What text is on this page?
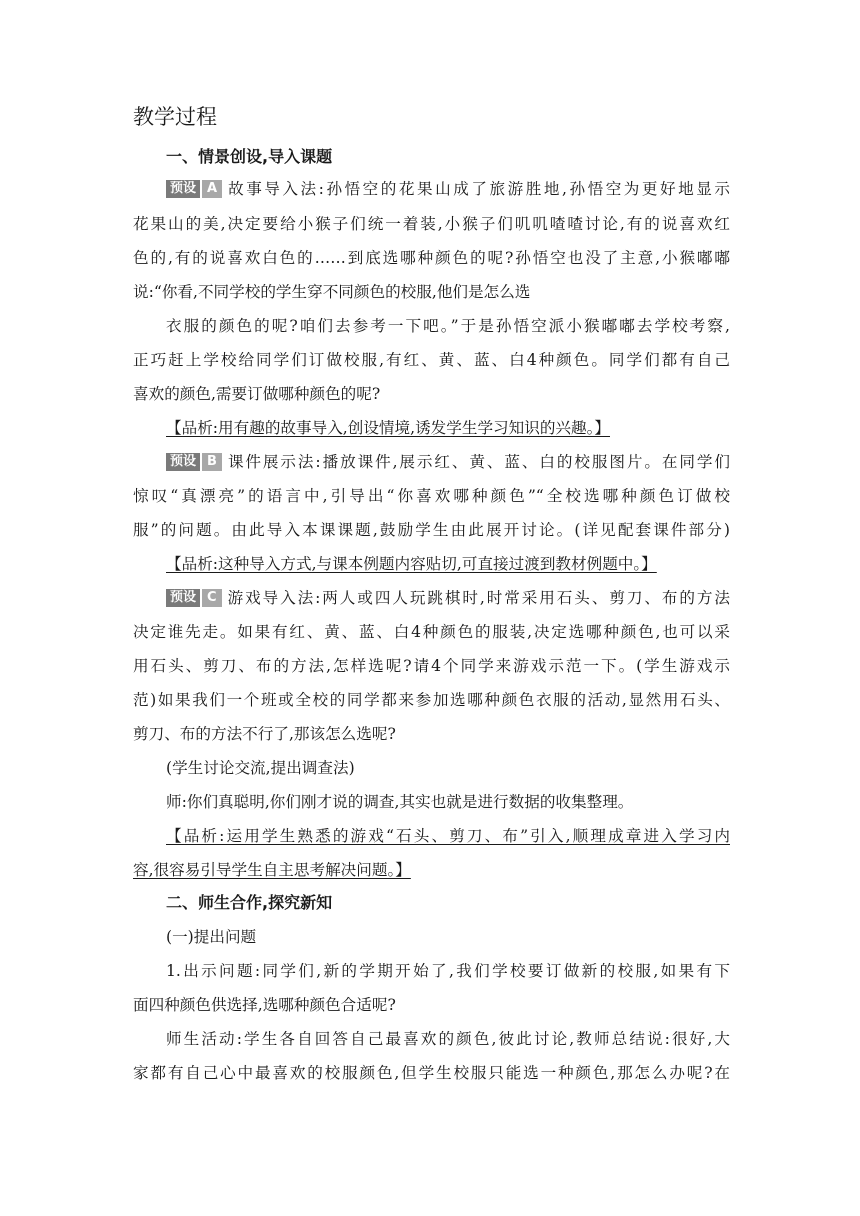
教学过程
一、情景创设,导入课题
预设 A 故事导入法:孙悟空的花果山成了旅游胜地,孙悟空为更好地显示
花果山的美,决定要给小猴子们统一着装,小猴子们叽叽喳喳讨论,有的说喜欢红
色的,有的说喜欢白色的……到底选哪种颜色的呢?孙悟空也没了主意,小猴嘟嘟
说:“你看,不同学校的学生穿不同颜色的校服,他们是怎么选
衣服的颜色的呢?咱们去参考一下吧。”于是孙悟空派小猴嘟嘟去学校考察,
正巧赶上学校给同学们订做校服,有红、黄、蓝、白4种颜色。同学们都有自己
喜欢的颜色,需要订做哪种颜色的呢?
【品析:用有趣的故事导入,创设情境,诱发学生学习知识的兴趣。】
预设 B 课件展示法:播放课件,展示红、黄、蓝、白的校服图片。在同学们
惊叹“真漂亮”的语言中,引导出“你喜欢哪种颜色”“全校选哪种颜色订做校
服”的问题。由此导入本课课题,鼓励学生由此展开讨论。(详见配套课件部分)
【品析:这种导入方式,与课本例题内容贴切,可直接过渡到教材例题中。】
预设 C 游戏导入法:两人或四人玩跳棋时,时常采用石头、剪刀、布的方法
决定谁先走。如果有红、黄、蓝、白4种颜色的服装,决定选哪种颜色,也可以采
用石头、剪刀、布的方法,怎样选呢?请4个同学来游戏示范一下。(学生游戏示
范)如果我们一个班或全校的同学都来参加选哪种颜色衣服的活动,显然用石头、
剪刀、布的方法不行了,那该怎么选呢?
(学生讨论交流,提出调查法)
师:你们真聪明,你们刚才说的调查,其实也就是进行数据的收集整理。
【品析:运用学生熟悉的游戏“石头、剪刀、布”引入,顺理成章进入学习内
容,很容易引导学生自主思考解决问题。】
二、师生合作,探究新知
(一)提出问题
1.出示问题:同学们,新的学期开始了,我们学校要订做新的校服,如果有下
面四种颜色供选择,选哪种颜色合适呢?
师生活动:学生各自回答自己最喜欢的颜色,彼此讨论,教师总结说:很好,大
家都有自己心中最喜欢的校服颜色,但学生校服只能选一种颜色,那怎么办呢?在
